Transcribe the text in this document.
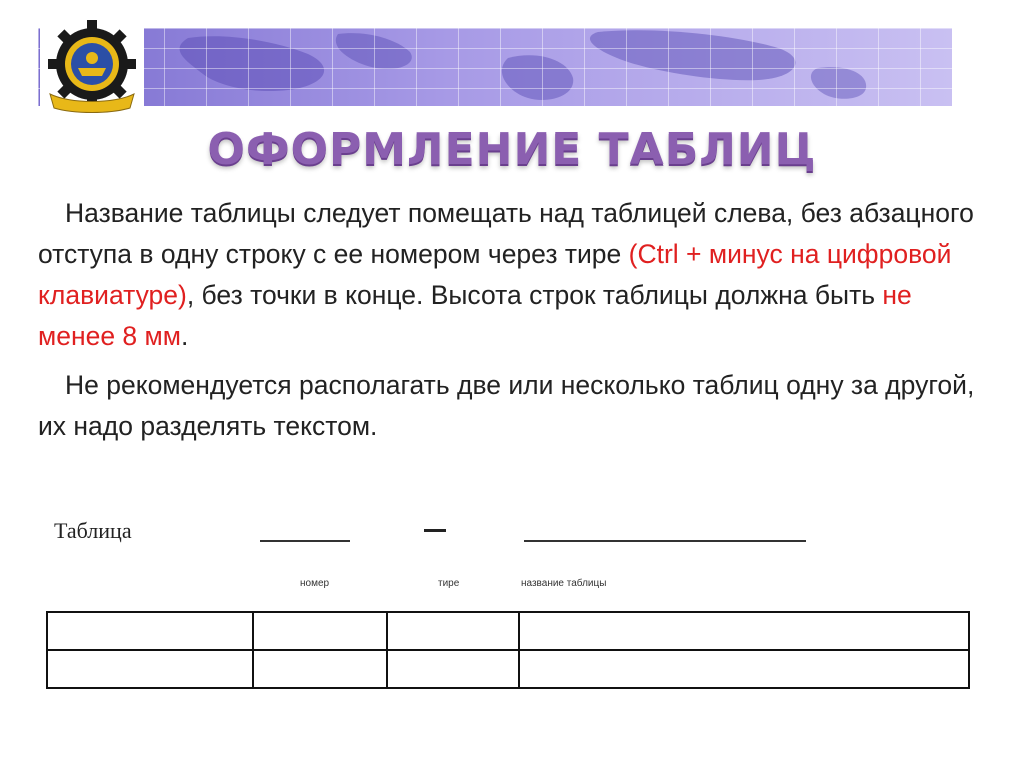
ОФОРМЛЕНИЕ ТАБЛИЦ

Название таблицы следует помещать над таблицей слева, без абзацного отступа в одну строку с ее номером через тире (Ctrl + минус на цифровой клавиатуре), без точки в конце. Высота строк таблицы должна быть не менее 8 мм.

Не рекомендуется располагать две или несколько таблиц одну за другой, их надо разделять текстом.

Таблица
номер	тире	название таблицы
